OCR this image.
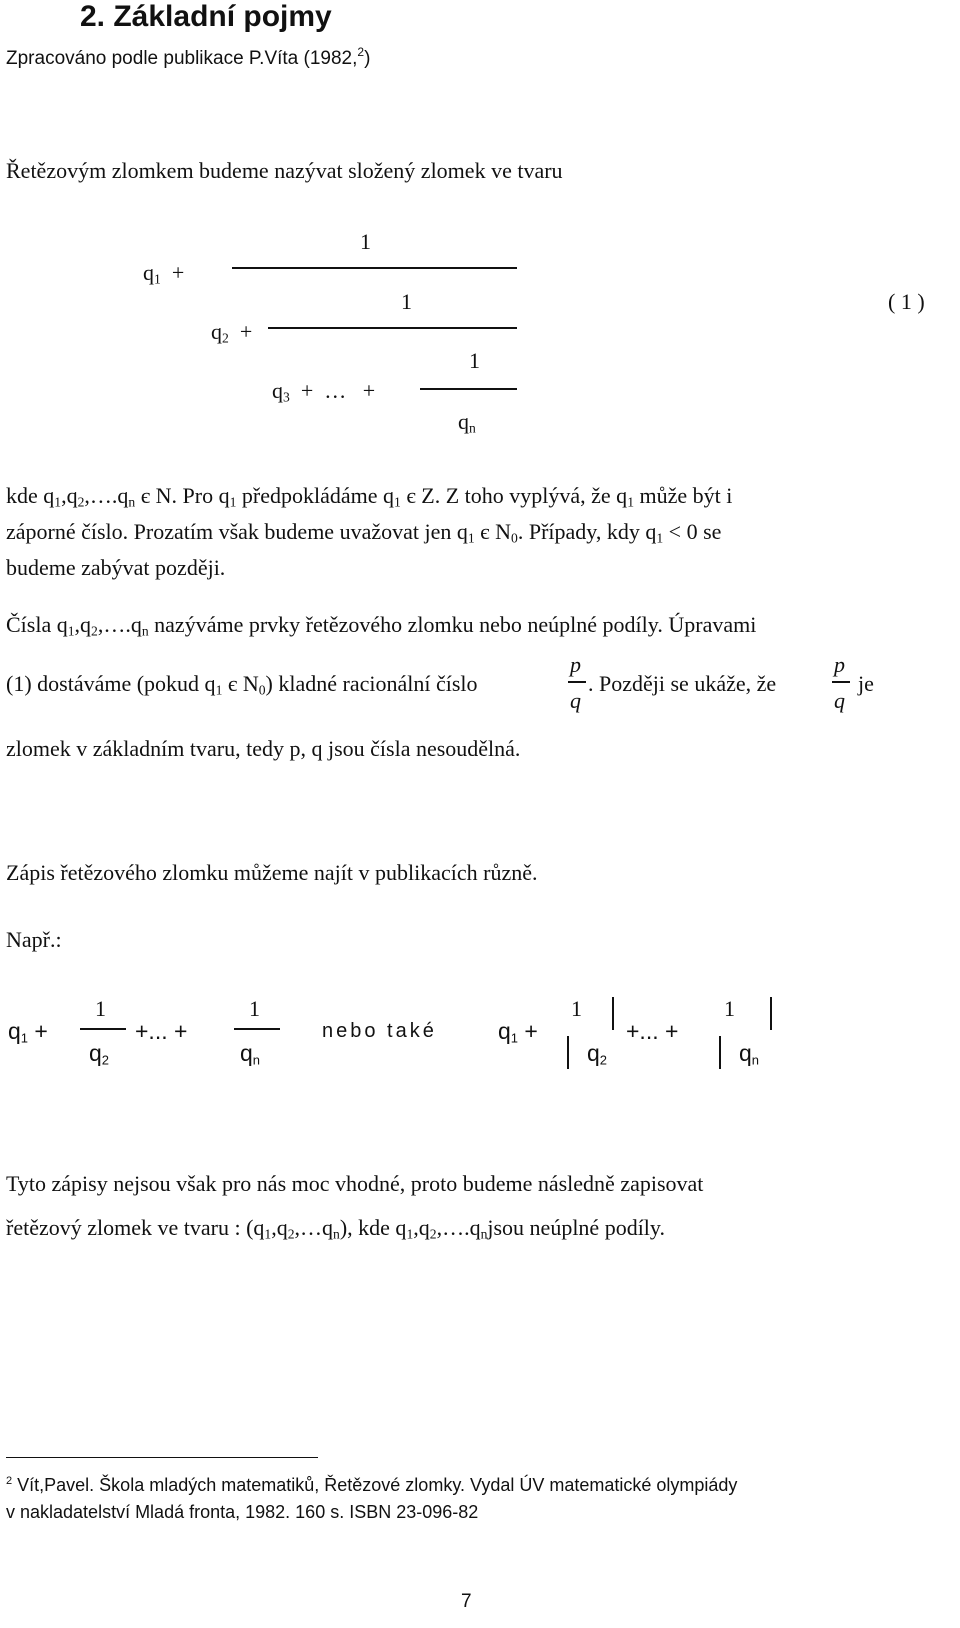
2. Základní pojmy
Zpracováno podle publikace P.Víta (1982,$^2$)
Řetězovým zlomkem budeme nazývat složený zlomek ve tvaru
1
$q_1$ +
1	( 1 )
$q_2$ +
1
$q_3$ + … +
$q_n$
kde $q_1,q_2,\dots.q_n$ є N. Pro $q_1$ předpokládáme $q_1$ є Z. Z toho vyplývá, že $q_1$ může být i
záporné číslo. Prozatím však budeme uvažovat jen $q_1$ є $N_0$. Případy, kdy $q_1 < 0$ se
budeme zabývat později.
Čísla $q_1,q_2,\dots.q_n$ nazýváme prvky řetězového zlomku nebo neúplné podíly. Úpravami
(1) dostáváme (pokud $q_1$ є $N_0$) kladné racionální číslo
p
q
. Později se ukáže, že
p
q
je
zlomek v základním tvaru, tedy p, q jsou čísla nesoudělná.
Zápis řetězového zlomku můžeme najít v publikacích různě.
Např.:
$q_1$ +
1
$q_2$
+... +
1
$q_n$
nebo také	$q_1$ +
1
$q_2$
+... +
1
$q_n$
Tyto zápisy nejsou však pro nás moc vhodné, proto budeme následně zapisovat
řetězový zlomek ve tvaru : $(q_1,q_2,\dots q_n)$, kde $q_1,q_2,\dots.q_njsou$ neúplné podíly.
$^2$ Vít,Pavel. Škola mladých matematiků, Řetězové zlomky. Vydal ÚV matematické olympiády
v nakladatelství Mladá fronta, 1982. 160 s. ISBN 23-096-82
7
